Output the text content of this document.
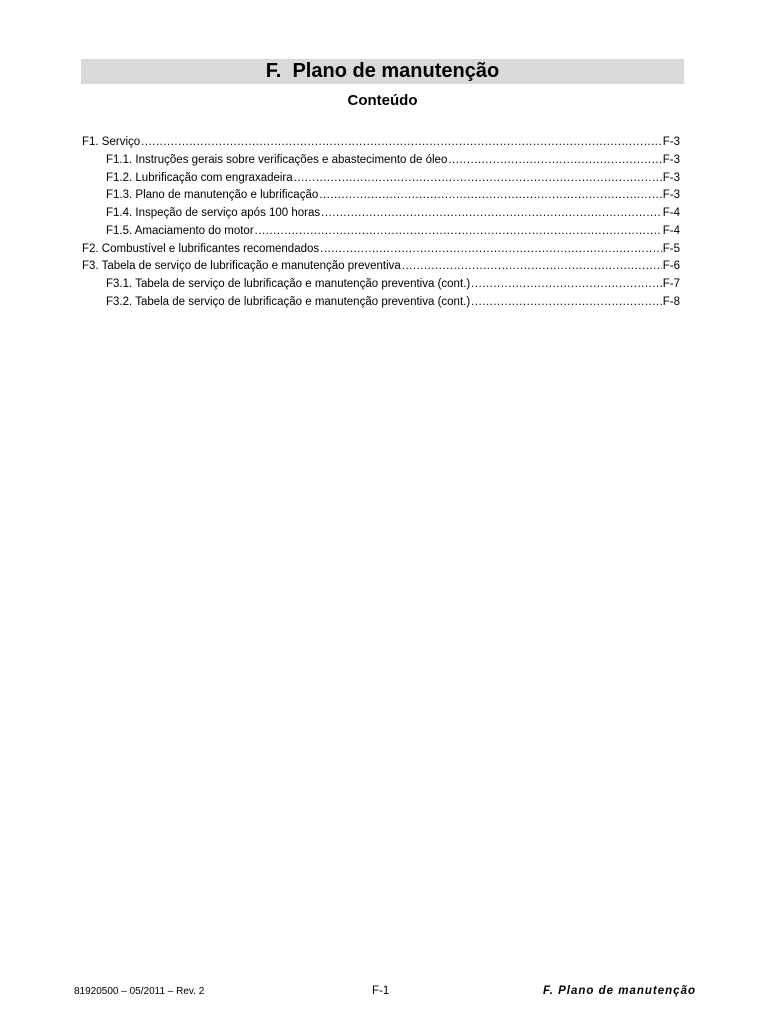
F.  Plano de manutenção
Conteúdo
F1. Serviço .....	F-3
F1.1. Instruções gerais sobre verificações e abastecimento de óleo .....	F-3
F1.2. Lubrificação com engraxadeira .....	F-3
F1.3. Plano de manutenção e lubrificação .....	F-3
F1.4. Inspeção de serviço após 100 horas .....	F-4
F1.5. Amaciamento do motor .....	F-4
F2. Combustível e lubrificantes recomendados .....	F-5
F3. Tabela de serviço de lubrificação e manutenção preventiva .....	F-6
F3.1. Tabela de serviço de lubrificação e manutenção preventiva (cont.) .....	F-7
F3.2. Tabela de serviço de lubrificação e manutenção preventiva (cont.) .....	F-8
81920500 – 05/2011 – Rev. 2	F-1	F. Plano de manutenção
